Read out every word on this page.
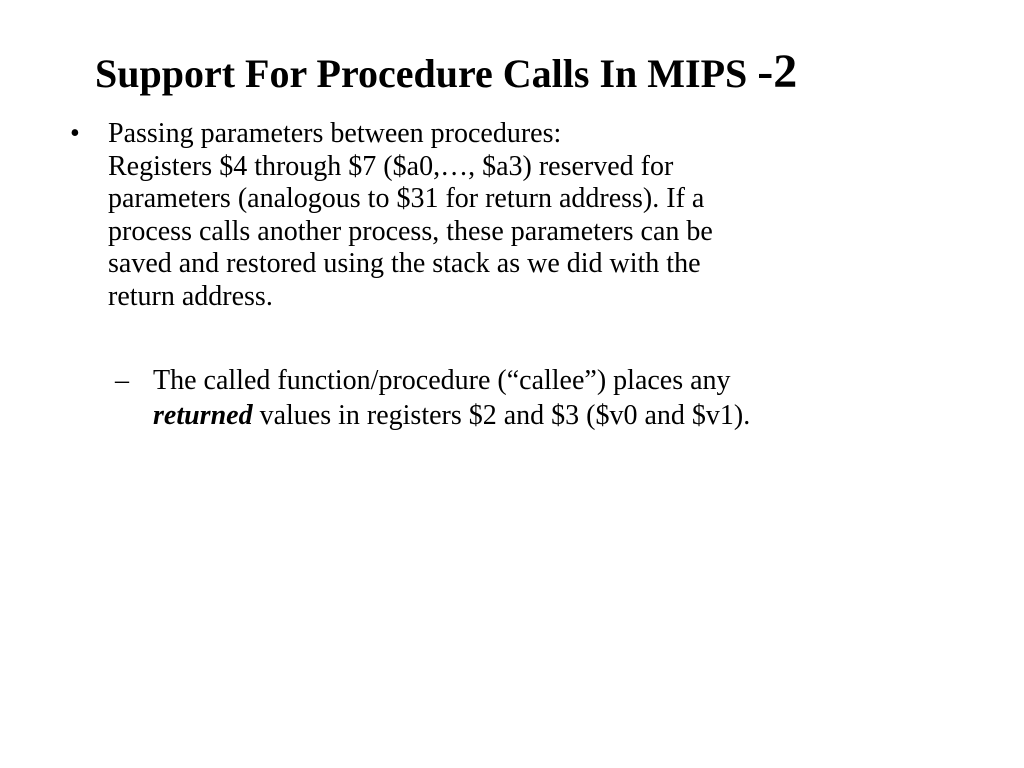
Support For Procedure Calls In MIPS -2
• Passing parameters between procedures:
Registers $4 through $7 ($a0,…, $a3) reserved for
parameters (analogous to $31 for return address). If a
process calls another process, these parameters can be
saved and restored using the stack as we did with the
return address.
– The called function/procedure (“callee”) places any
returned values in registers $2 and $3 ($v0 and $v1).
